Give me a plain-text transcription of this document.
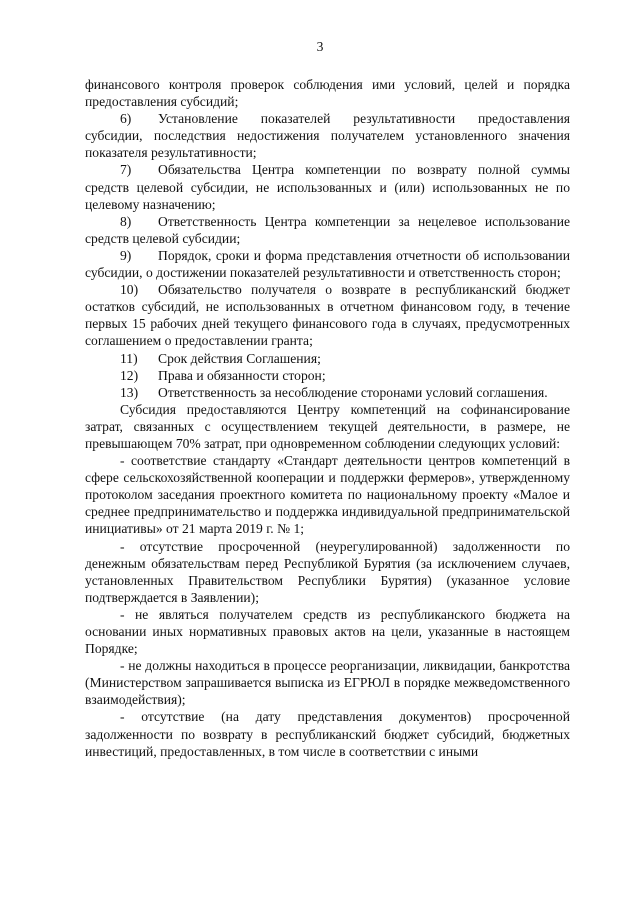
3

финансового контроля проверок соблюдения ими условий, целей и порядка предоставления субсидий;

6) Установление показателей результативности предоставления субсидии, последствия недостижения получателем установленного значения показателя результативности;

7) Обязательства Центра компетенции по возврату полной суммы средств целевой субсидии, не использованных и (или) использованных не по целевому назначению;

8) Ответственность Центра компетенции за нецелевое использование средств целевой субсидии;

9) Порядок, сроки и форма представления отчетности об использовании субсидии, о достижении показателей результативности и ответственность сторон;

10) Обязательство получателя о возврате в республиканский бюджет остатков субсидий, не использованных в отчетном финансовом году, в течение первых 15 рабочих дней текущего финансового года в случаях, предусмотренных соглашением о предоставлении гранта;

11) Срок действия Соглашения;

12) Права и обязанности сторон;

13) Ответственность за несоблюдение сторонами условий соглашения.

Субсидия предоставляются Центру компетенций на софинансирование затрат, связанных с осуществлением текущей деятельности, в размере, не превышающем 70% затрат, при одновременном соблюдении следующих условий:

- соответствие стандарту «Стандарт деятельности центров компетенций в сфере сельскохозяйственной кооперации и поддержки фермеров», утвержденному протоколом заседания проектного комитета по национальному проекту «Малое и среднее предпринимательство и поддержка индивидуальной предпринимательской инициативы» от 21 марта 2019 г. № 1;

- отсутствие просроченной (неурегулированной) задолженности по денежным обязательствам перед Республикой Бурятия (за исключением случаев, установленных Правительством Республики Бурятия) (указанное условие подтверждается в Заявлении);

- не являться получателем средств из республиканского бюджета на основании иных нормативных правовых актов на цели, указанные в настоящем Порядке;

- не должны находиться в процессе реорганизации, ликвидации, банкротства (Министерством запрашивается выписка из ЕГРЮЛ в порядке межведомственного взаимодействия);

- отсутствие (на дату представления документов) просроченной задолженности по возврату в республиканский бюджет субсидий, бюджетных инвестиций, предоставленных, в том числе в соответствии с иными
